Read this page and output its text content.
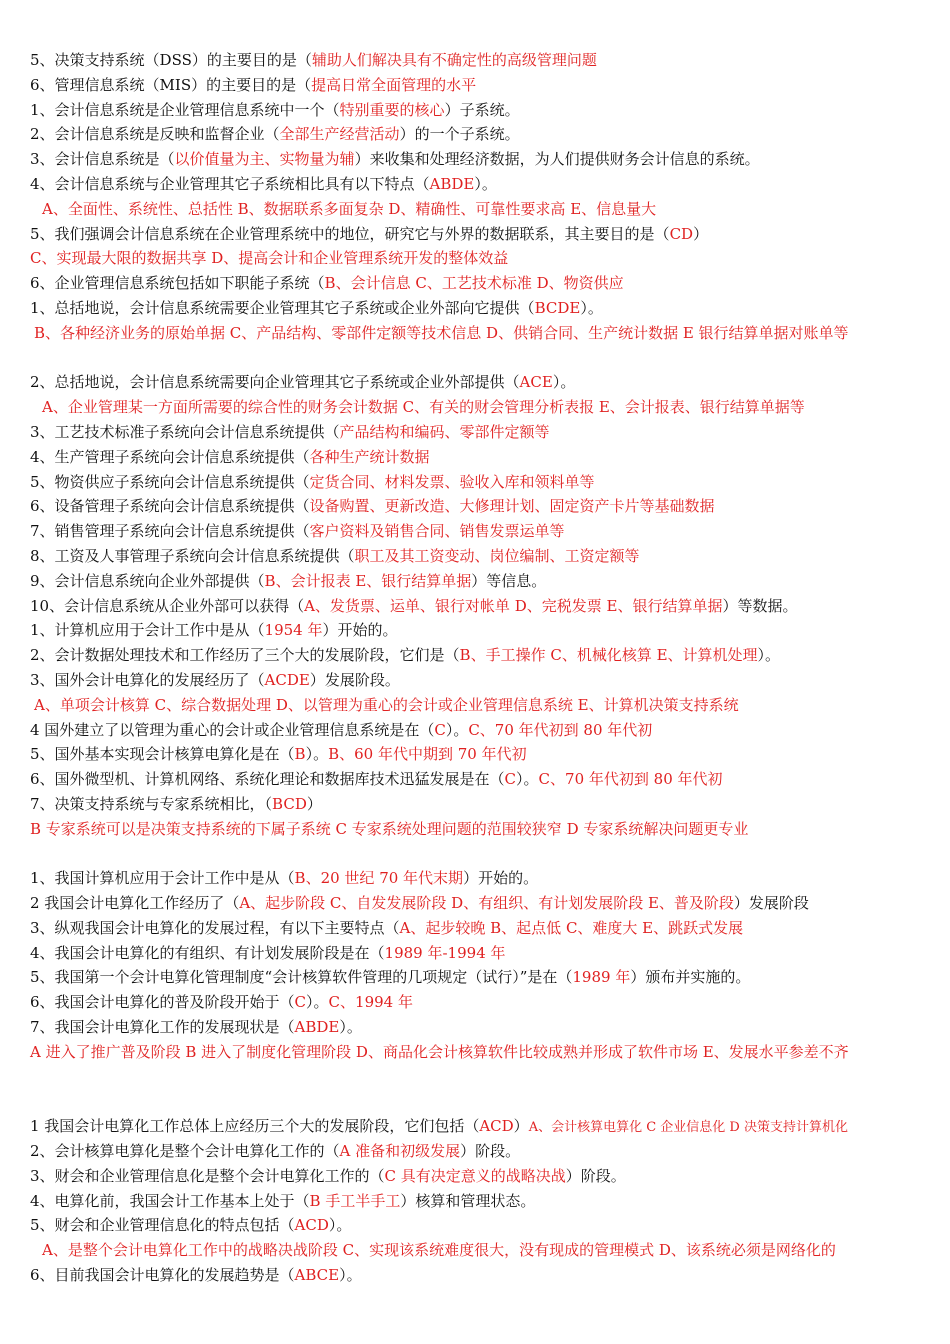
5、决策支持系统（DSS）的主要目的是（辅助人们解决具有不确定性的高级管理问题
6、管理信息系统（MIS）的主要目的是（提高日常全面管理的水平
1、会计信息系统是企业管理信息系统中一个（特别重要的核心）子系统。
2、会计信息系统是反映和监督企业（全部生产经营活动）的一个子系统。
3、会计信息系统是（以价值量为主、实物量为辅）来收集和处理经济数据，为人们提供财务会计信息的系统。
4、会计信息系统与企业管理其它子系统相比具有以下特点（ABDE）。
A、全面性、系统性、总括性 B、数据联系多面复杂 D、精确性、可靠性要求高 E、信息量大
5、我们强调会计信息系统在企业管理系统中的地位，研究它与外界的数据联系，其主要目的是（CD）
C、实现最大限的数据共享 D、提高会计和企业管理系统开发的整体效益
6、企业管理信息系统包括如下职能子系统（B、会计信息 C、工艺技术标准 D、物资供应
1、总括地说，会计信息系统需要企业管理其它子系统或企业外部向它提供（BCDE）。
B、各种经济业务的原始单据 C、产品结构、零部件定额等技术信息 D、供销合同、生产统计数据 E 银行结算单据对账单等
2、总括地说，会计信息系统需要向企业管理其它子系统或企业外部提供（ACE）。
A、企业管理某一方面所需要的综合性的财务会计数据 C、有关的财会管理分析表报 E、会计报表、银行结算单据等
3、工艺技术标准子系统向会计信息系统提供（产品结构和编码、零部件定额等
4、生产管理子系统向会计信息系统提供（各种生产统计数据
5、物资供应子系统向会计信息系统提供（定货合同、材料发票、验收入库和领料单等
6、设备管理子系统向会计信息系统提供（设备购置、更新改造、大修理计划、固定资产卡片等基础数据
7、销售管理子系统向会计信息系统提供（客户资料及销售合同、销售发票运单等
8、工资及人事管理子系统向会计信息系统提供（职工及其工资变动、岗位编制、工资定额等
9、会计信息系统向企业外部提供（B、会计报表 E、银行结算单据）等信息。
10、会计信息系统从企业外部可以获得（A、发货票、运单、银行对帐单 D、完税发票 E、银行结算单据）等数据。
1、计算机应用于会计工作中是从（1954 年）开始的。
2、会计数据处理技术和工作经历了三个大的发展阶段，它们是（B、手工操作 C、机械化核算 E、计算机处理）。
3、国外会计电算化的发展经历了（ACDE）发展阶段。
A、单项会计核算 C、综合数据处理 D、以管理为重心的会计或企业管理信息系统 E、计算机决策支持系统
4 国外建立了以管理为重心的会计或企业管理信息系统是在（C）。C、70 年代初到 80 年代初
5、国外基本实现会计核算电算化是在（B）。B、60 年代中期到 70 年代初
6、国外微型机、计算机网络、系统化理论和数据库技术迅猛发展是在（C）。C、70 年代初到 80 年代初
7、决策支持系统与专家系统相比，（BCD）
B 专家系统可以是决策支持系统的下属子系统 C 专家系统处理问题的范围较狭窄 D 专家系统解决问题更专业
1、我国计算机应用于会计工作中是从（B、20 世纪 70 年代末期）开始的。
2 我国会计电算化工作经历了（A、起步阶段 C、自发发展阶段 D、有组织、有计划发展阶段 E、普及阶段）发展阶段
3、纵观我国会计电算化的发展过程，有以下主要特点（A、起步较晚 B、起点低 C、难度大 E、跳跃式发展
4、我国会计电算化的有组织、有计划发展阶段是在（1989 年-1994 年
5、我国第一个会计电算化管理制度“会计核算软件管理的几项规定（试行）”是在（1989 年）颁布并实施的。
6、我国会计电算化的普及阶段开始于（C）。C、1994 年
7、我国会计电算化工作的发展现状是（ABDE）。
A 进入了推广普及阶段 B 进入了制度化管理阶段 D、商品化会计核算软件比较成熟并形成了软件市场 E、发展水平参差不齐
1 我国会计电算化工作总体上应经历三个大的发展阶段，它们包括（ACD）A、会计核算电算化 C 企业信息化 D 决策支持计算机化
2、会计核算电算化是整个会计电算化工作的（A 准备和初级发展）阶段。
3、财会和企业管理信息化是整个会计电算化工作的（C 具有决定意义的战略决战）阶段。
4、电算化前，我国会计工作基本上处于（B 手工半手工）核算和管理状态。
5、财会和企业管理信息化的特点包括（ACD）。
A、是整个会计电算化工作中的战略决战阶段 C、实现该系统难度很大，没有现成的管理模式 D、该系统必须是网络化的
6、目前我国会计电算化的发展趋势是（ABCE）。
